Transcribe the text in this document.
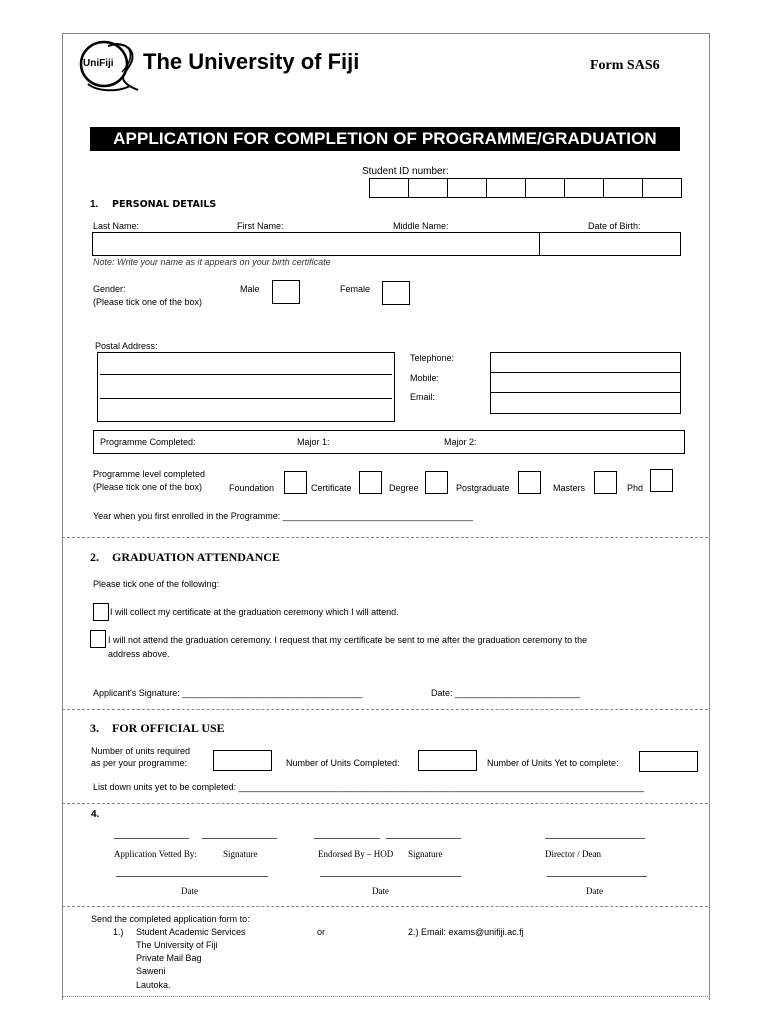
UniFiji The University of Fiji	Form SAS6
APPLICATION FOR COMPLETION OF PROGRAMME/GRADUATION
Student ID number:
1. PERSONAL DETAILS
Last Name:	First Name:	Middle Name:	Date of Birth:
Note: Write your name as it appears on your birth certificate
Gender:
(Please tick one of the box)
Male	Female
Postal Address:
Telephone:
Mobile:
Email:
Programme Completed:	Major 1:	Major 2:
Programme level completed
(Please tick one of the box)	Foundation	Certificate	Degree	Postgraduate	Masters	Phd
Year when you first enrolled in the Programme: ______________________________________
2. GRADUATION ATTENDANCE
Please tick one of the following:
I will collect my certificate at the graduation ceremony which I will attend.
I will not attend the graduation ceremony. I request that my certificate be sent to me after the graduation ceremony to the
address above.
Applicant's Signature: ____________________________________	Date: _________________________
3. FOR OFFICIAL USE
Number of units required
as per your programme:	Number of Units Completed:	Number of Units Yet to complete:
List down units yet to be completed: _________________________________________________________________________________
4.
Application Vetted By:	Signature	Endorsed By – HOD Signature	Director / Dean
Date	Date	Date
Send the completed application form to:
1.) Student Academic Services
The University of Fiji
Private Mail Bag
Saweni
Lautoka.
or	2.) Email: exams@unifiji.ac.fj
